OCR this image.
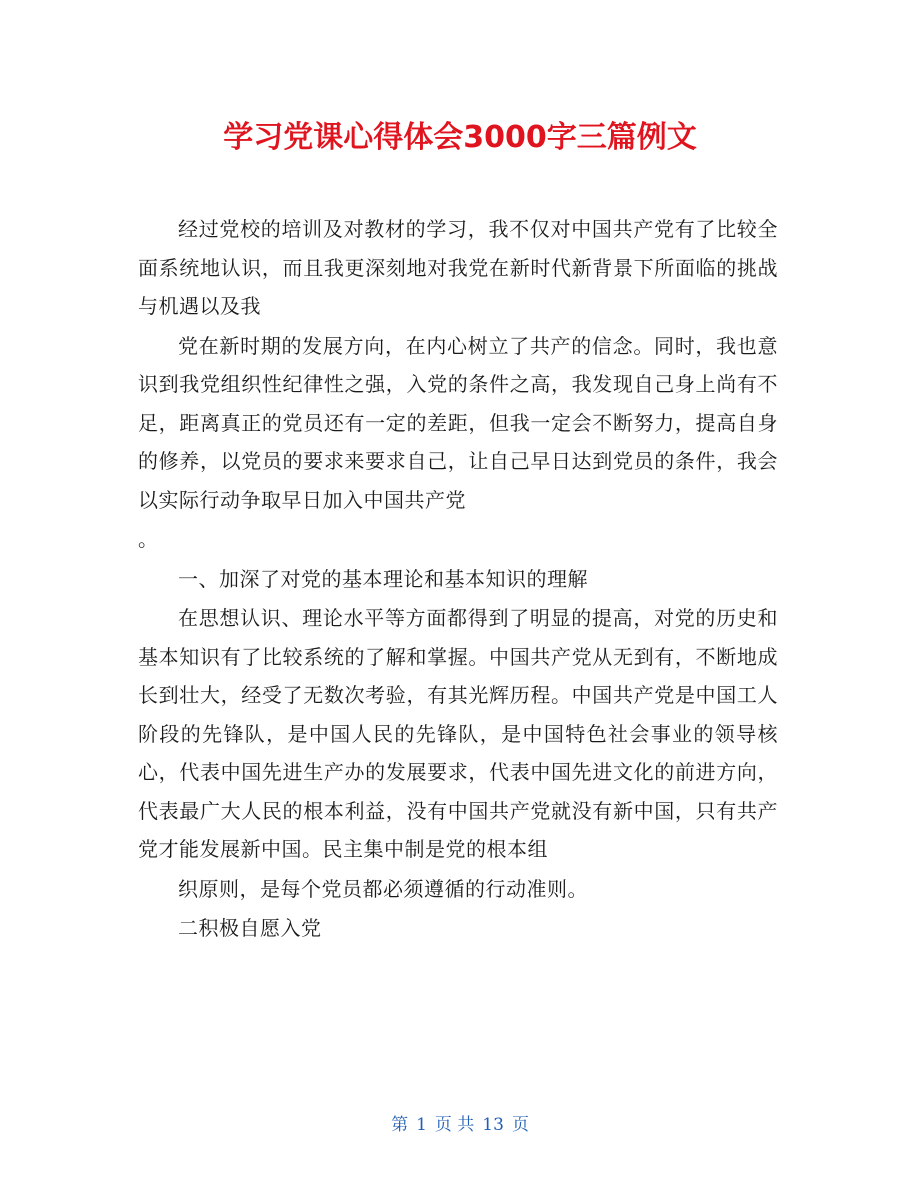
学习党课心得体会3000字三篇例文

经过党校的培训及对教材的学习，我不仅对中国共产党有了比较全面系统地认识，而且我更深刻地对我党在新时代新背景下所面临的挑战与机遇以及我

党在新时期的发展方向，在内心树立了共产的信念。同时，我也意识到我党组织性纪律性之强，入党的条件之高，我发现自己身上尚有不足，距离真正的党员还有一定的差距，但我一定会不断努力，提高自身的修养，以党员的要求来要求自己，让自己早日达到党员的条件，我会以实际行动争取早日加入中国共产党

。

一、加深了对党的基本理论和基本知识的理解

在思想认识、理论水平等方面都得到了明显的提高，对党的历史和基本知识有了比较系统的了解和掌握。中国共产党从无到有，不断地成长到壮大，经受了无数次考验，有其光辉历程。中国共产党是中国工人阶段的先锋队，是中国人民的先锋队，是中国特色社会事业的领导核心，代表中国先进生产办的发展要求，代表中国先进文化的前进方向，代表最广大人民的根本利益，没有中国共产党就没有新中国，只有共产党才能发展新中国。民主集中制是党的根本组

织原则，是每个党员都必须遵循的行动准则。

二积极自愿入党

第 1 页 共 13 页
